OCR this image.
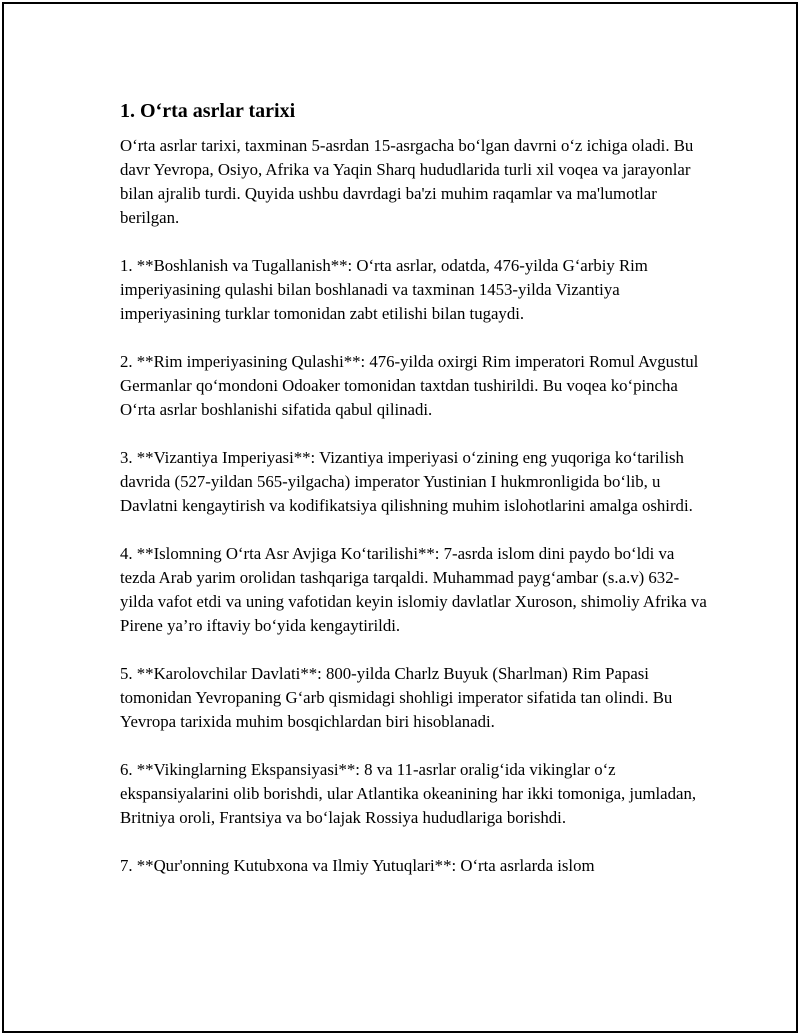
1. O‘rta asrlar tarixi

O‘rta asrlar tarixi, taxminan 5-asrdan 15-asrgacha bo‘lgan davrni o‘z ichiga oladi. Bu davr Yevropa, Osiyo, Afrika va Yaqin Sharq hududlarida turli xil voqea va jarayonlar bilan ajralib turdi. Quyida ushbu davrdagi ba'zi muhim raqamlar va ma'lumotlar berilgan.

1. **Boshlanish va Tugallanish**: O‘rta asrlar, odatda, 476-yilda G‘arbiy Rim imperiyasining qulashi bilan boshlanadi va taxminan 1453-yilda Vizantiya imperiyasining turklar tomonidan zabt etilishi bilan tugaydi.

2. **Rim imperiyasining Qulashi**: 476-yilda oxirgi Rim imperatori Romul Avgustul Germanlar qo‘mondoni Odoaker tomonidan taxtdan tushirildi. Bu voqea ko‘pincha O‘rta asrlar boshlanishi sifatida qabul qilinadi.

3. **Vizantiya Imperiyasi**: Vizantiya imperiyasi o‘zining eng yuqoriga ko‘tarilish davrida (527-yildan 565-yilgacha) imperator Yustinian I hukmronligida bo‘lib, u Davlatni kengaytirish va kodifikatsiya qilishning muhim islohotlarini amalga oshirdi.

4. **Islomning O‘rta Asr Avjiga Ko‘tarilishi**: 7-asrda islom dini paydo bo‘ldi va tezda Arab yarim orolidan tashqariga tarqaldi. Muhammad payg‘ambar (s.a.v) 632-yilda vafot etdi va uning vafotidan keyin islomiy davlatlar Xuroson, shimoliy Afrika va Pirene ya’ro iftaviy bo‘yida kengaytirildi.

5. **Karolovchilar Davlati**: 800-yilda Charlz Buyuk (Sharlman) Rim Papasi tomonidan Yevropaning G‘arb qismidagi shohligi imperator sifatida tan olindi. Bu Yevropa tarixida muhim bosqichlardan biri hisoblanadi.

6. **Vikinglarning Ekspansiyasi**: 8 va 11-asrlar oralig‘ida vikinglar o‘z ekspansiyalarini olib borishdi, ular Atlantika okeanining har ikki tomoniga, jumladan, Britniya oroli, Frantsiya va bo‘lajak Rossiya hududlariga borishdi.

7. **Qur'onning Kutubxona va Ilmiy Yutuqlari**: O‘rta asrlarda islom
